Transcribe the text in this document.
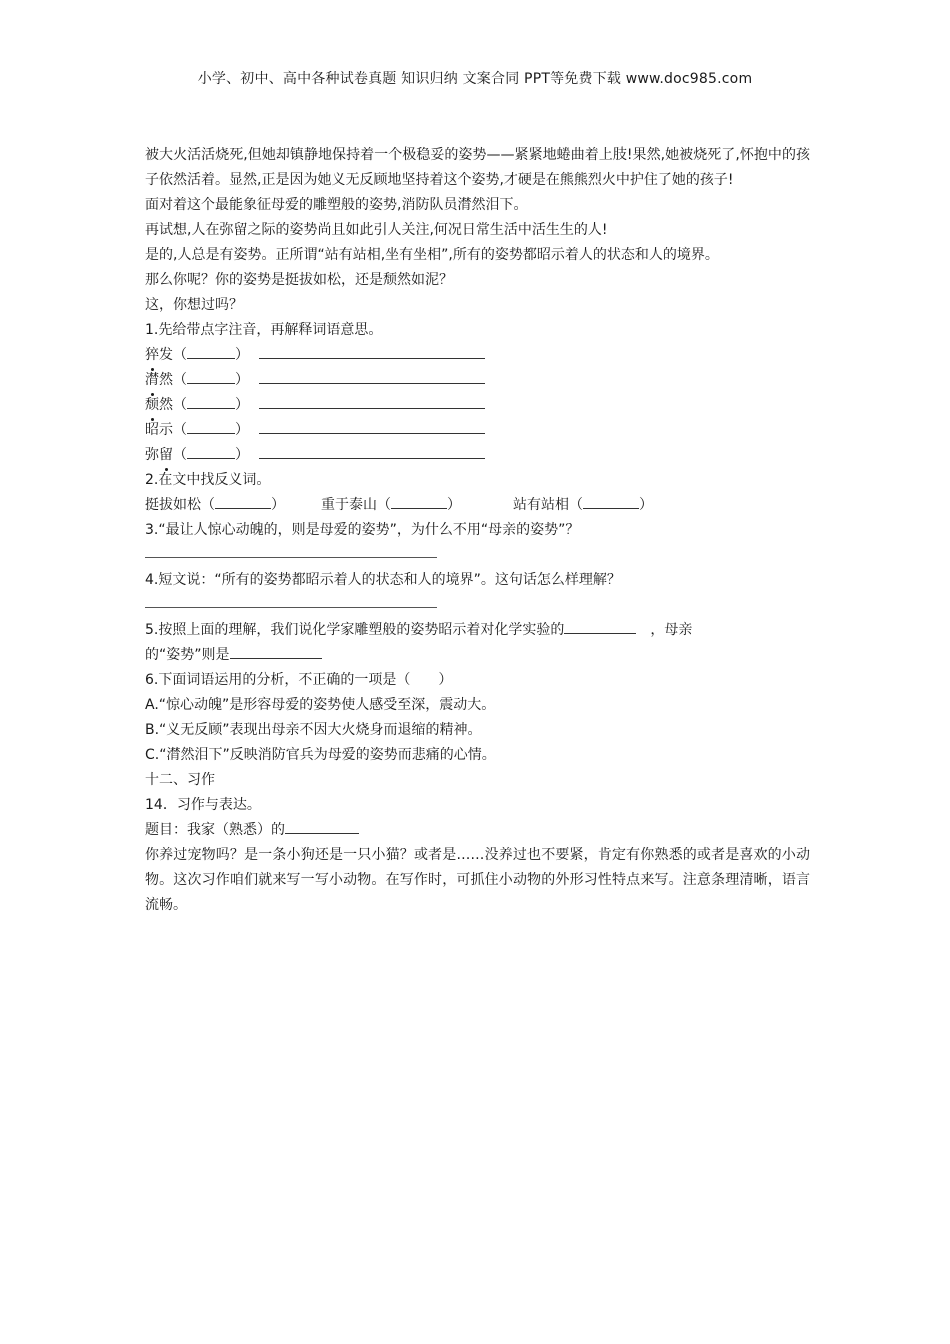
小学、初中、高中各种试卷真题 知识归纳 文案合同 PPT等免费下载 www.doc985.com
被大火活活烧死,但她却镇静地保持着一个极稳妥的姿势——紧紧地蜷曲着上肢!果然,她被烧死了,怀抱中的孩子依然活着。显然,正是因为她义无反顾地坚持着这个姿势,才硬是在熊熊烈火中护住了她的孩子!
面对着这个最能象征母爱的雕塑般的姿势,消防队员潸然泪下。
再试想,人在弥留之际的姿势尚且如此引人关注,何况日常生活中活生生的人!
是的,人总是有姿势。正所谓“站有站相,坐有坐相”,所有的姿势都昭示着人的状态和人的境界。
那么你呢？你的姿势是挺拔如松，还是颓然如泥？
这，你想过吗？
1.先给带点字注音，再解释词语意思。
猝发（	）
潸然（	）
颓然（	）
昭示（	）
弥留（	）
2.在文中找反义词。
挺拔如松（	）	重于泰山（	）	站有站相（	）
3.“最让人惊心动魄的，则是母爱的姿势”，为什么不用“母亲的姿势”？
4.短文说：“所有的姿势都昭示着人的状态和人的境界”。这句话怎么样理解？
5.按照上面的理解，我们说化学家雕塑般的姿势昭示着对化学实验的	，母亲
的“姿势”则是
6.下面词语运用的分析，不正确的一项是（　　）
A.“惊心动魄”是形容母爱的姿势使人感受至深，震动大。
B.“义无反顾”表现出母亲不因大火烧身而退缩的精神。
C.“潸然泪下”反映消防官兵为母爱的姿势而悲痛的心情。
十二、习作
14．习作与表达。
题目：我家（熟悉）的
你养过宠物吗？是一条小狗还是一只小猫？或者是……没养过也不要紧，肯定有你熟悉的或者是喜欢的小动物。这次习作咱们就来写一写小动物。在写作时，可抓住小动物的外形习性特点来写。注意条理清晰，语言流畅。
